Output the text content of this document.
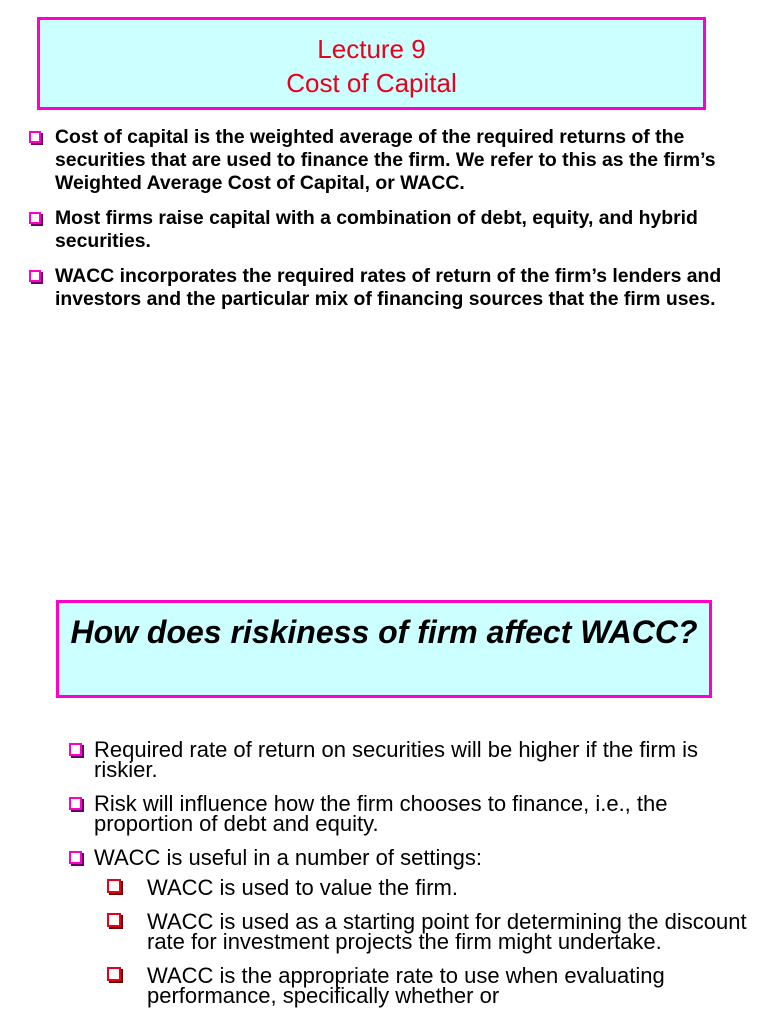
Lecture 9
Cost of Capital
Cost of capital is the weighted average of the required returns of the securities that are used to finance the firm. We refer to this as the firm’s Weighted Average Cost of Capital, or WACC.
Most firms raise capital with a combination of debt, equity, and hybrid securities.
WACC incorporates the required rates of return of the firm’s lenders and investors and the particular mix of financing sources that the firm uses.
How does riskiness of firm affect WACC?
Required rate of return on securities will be higher if the firm is riskier.
Risk will influence how the firm chooses to finance, i.e., the proportion of debt and equity.
WACC is useful in a number of settings:
WACC is used to value the firm.
WACC is used as a starting point for determining the discount rate for investment projects the firm might undertake.
WACC is the appropriate rate to use when evaluating performance, specifically whether or
